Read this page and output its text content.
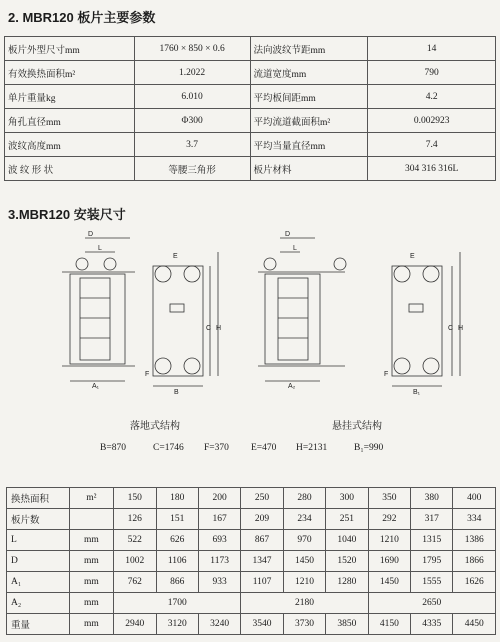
2. MBR120 板片主要参数
板片外型尺寸mm	1760 × 850 × 0.6	法向波纹节距mm	14
有效换热面积m²	1.2022	流道宽度mm	790
单片重量kg	6.010	平均板间距mm	4.2
角孔直径mm	Φ300	平均流道截面积m²	0.002923
波纹高度mm	3.7	平均当量直径mm	7.4
波 纹 形 状	等腰三角形	板片材料	304 316 316L
3.MBR120 安装尺寸
D
L
A₁
E
C H
F
B
D
L
A₂
E
C H
F
B₁
落地式结构	悬挂式结构
B=870	C=1746 F=370 E=470 H=2131	B₁=990
换热面积	m²	150	180	200	250	280	300	350	380	400
板片数		126	151	167	209	234	251	292	317	334
L	mm	522	626	693	867	970	1040	1210	1315	1386
D	mm	1002	1106	1173	1347	1450	1520	1690	1795	1866
A₁	mm	762	866	933	1107	1210	1280	1450	1555	1626
A₂	mm	1700			2180			2650		
重量	mm	2940	3120	3240	3540	3730	3850	4150	4335	4450
